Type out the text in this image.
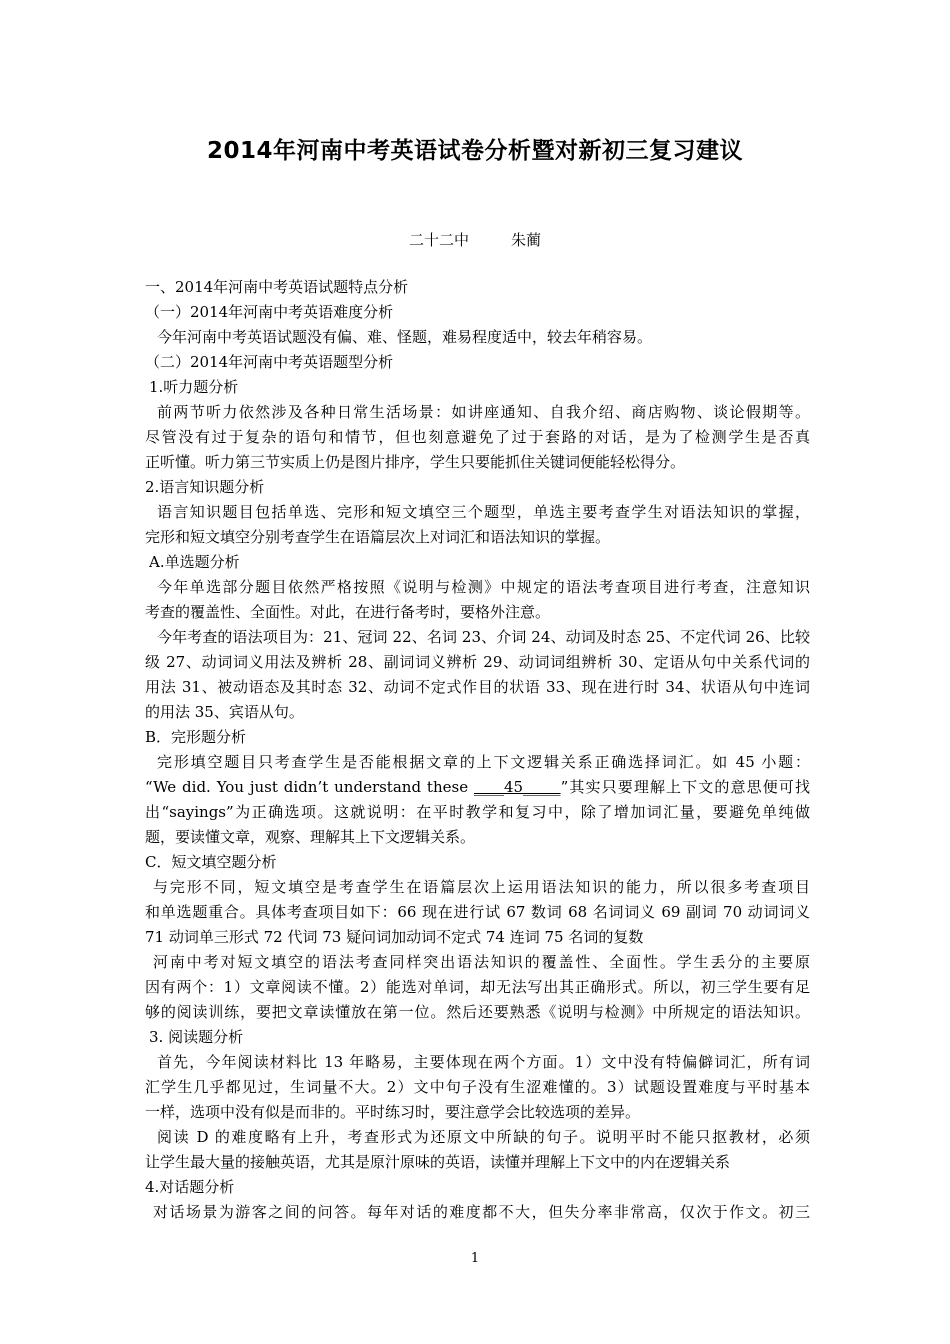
2014年河南中考英语试卷分析暨对新初三复习建议
二十二中	朱蔺
一、2014年河南中考英语试题特点分析
（一）2014年河南中考英语难度分析
今年河南中考英语试题没有偏、难、怪题，难易程度适中，较去年稍容易。
（二）2014年河南中考英语题型分析
1.听力题分析
前两节听力依然涉及各种日常生活场景：如讲座通知、自我介绍、商店购物、谈论假期等。
尽管没有过于复杂的语句和情节，但也刻意避免了过于套路的对话，是为了检测学生是否真
正听懂。听力第三节实质上仍是图片排序，学生只要能抓住关键词便能轻松得分。
2.语言知识题分析
语言知识题目包括单选、完形和短文填空三个题型，单选主要考查学生对语法知识的掌握，
完形和短文填空分别考查学生在语篇层次上对词汇和语法知识的掌握。
A.单选题分析
今年单选部分题目依然严格按照《说明与检测》中规定的语法考查项目进行考查，注意知识
考查的覆盖性、全面性。对此，在进行备考时，要格外注意。
今年考查的语法项目为：21、冠词 22、名词 23、介词 24、动词及时态 25、不定代词 26、比较
级 27、动词词义用法及辨析 28、副词词义辨析 29、动词词组辨析 30、定语从句中关系代词的
用法 31、被动语态及其时态 32、动词不定式作目的状语 33、现在进行时 34、状语从句中连词
的用法 35、宾语从句。
B．完形题分析
完形填空题目只考查学生是否能根据文章的上下文逻辑关系正确选择词汇。如 45 小题：
“We did. You just didn’t understand these ____45_____”其实只要理解上下文的意思便可找
出“sayings”为正确选项。这就说明：在平时教学和复习中，除了增加词汇量，要避免单纯做
题，要读懂文章，观察、理解其上下文逻辑关系。
C．短文填空题分析
与完形不同，短文填空是考查学生在语篇层次上运用语法知识的能力，所以很多考查项目
和单选题重合。具体考查项目如下：66 现在进行试 67 数词 68 名词词义 69 副词 70 动词词义
71 动词单三形式 72 代词 73 疑问词加动词不定式 74 连词 75 名词的复数
河南中考对短文填空的语法考查同样突出语法知识的覆盖性、全面性。学生丢分的主要原
因有两个：1）文章阅读不懂。2）能选对单词，却无法写出其正确形式。所以，初三学生要有足
够的阅读训练，要把文章读懂放在第一位。然后还要熟悉《说明与检测》中所规定的语法知识。
3. 阅读题分析
首先，今年阅读材料比 13 年略易，主要体现在两个方面。1）文中没有特偏僻词汇，所有词
汇学生几乎都见过，生词量不大。2）文中句子没有生涩难懂的。3）试题设置难度与平时基本
一样，选项中没有似是而非的。平时练习时，要注意学会比较选项的差异。
阅读 D 的难度略有上升，考查形式为还原文中所缺的句子。说明平时不能只抠教材，必须
让学生最大量的接触英语，尤其是原汁原味的英语，读懂并理解上下文中的内在逻辑关系
4.对话题分析
对话场景为游客之间的问答。每年对话的难度都不大，但失分率非常高，仅次于作文。初三
1
